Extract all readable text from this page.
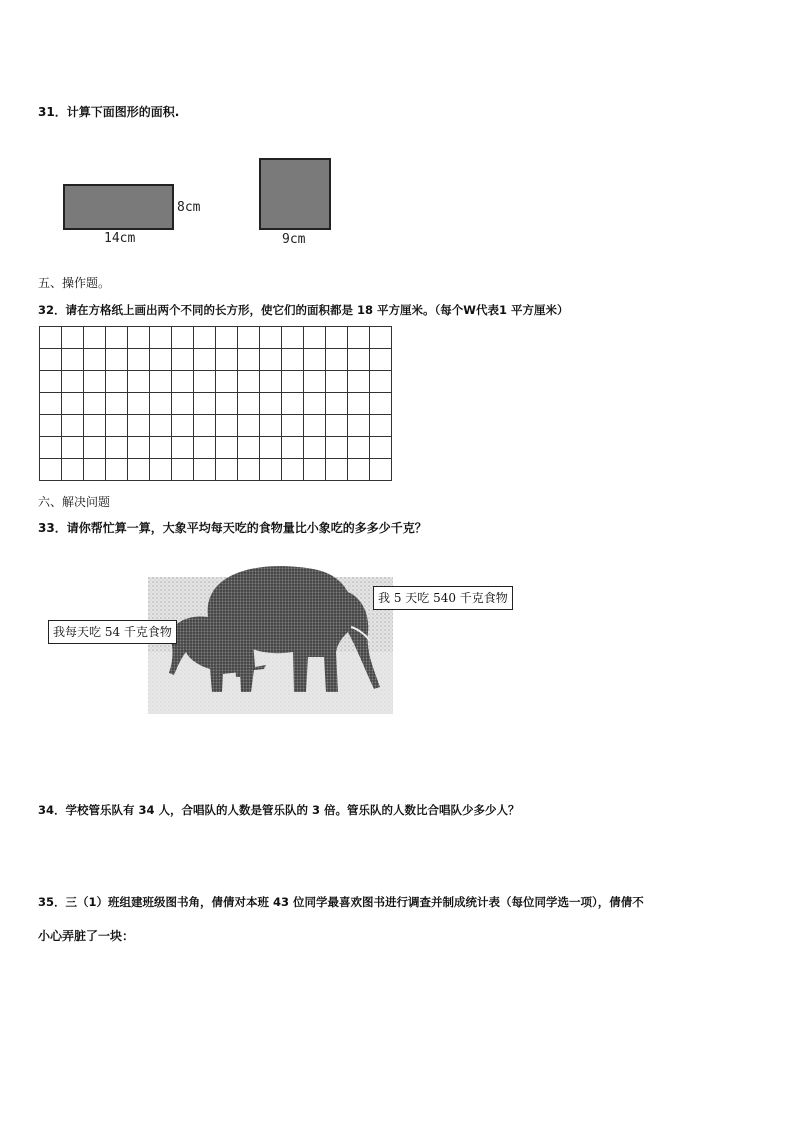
31．计算下面图形的面积.
8cm
14cm	9cm
五、操作题。
32．请在方格纸上画出两个不同的长方形，使它们的面积都是 18 平方厘米。（每个W代表1 平方厘米）

六、解决问题
33．请你帮忙算一算，大象平均每天吃的食物量比小象吃的多多少千克？
我 5 天吃 540 千克食物
我每天吃 54 千克食物
34．学校管乐队有 34 人，合唱队的人数是管乐队的 3 倍。管乐队的人数比合唱队少多少人？
35．三（1）班组建班级图书角，倩倩对本班 43 位同学最喜欢图书进行调查并制成统计表（每位同学选一项），倩倩不
小心弄脏了一块：
